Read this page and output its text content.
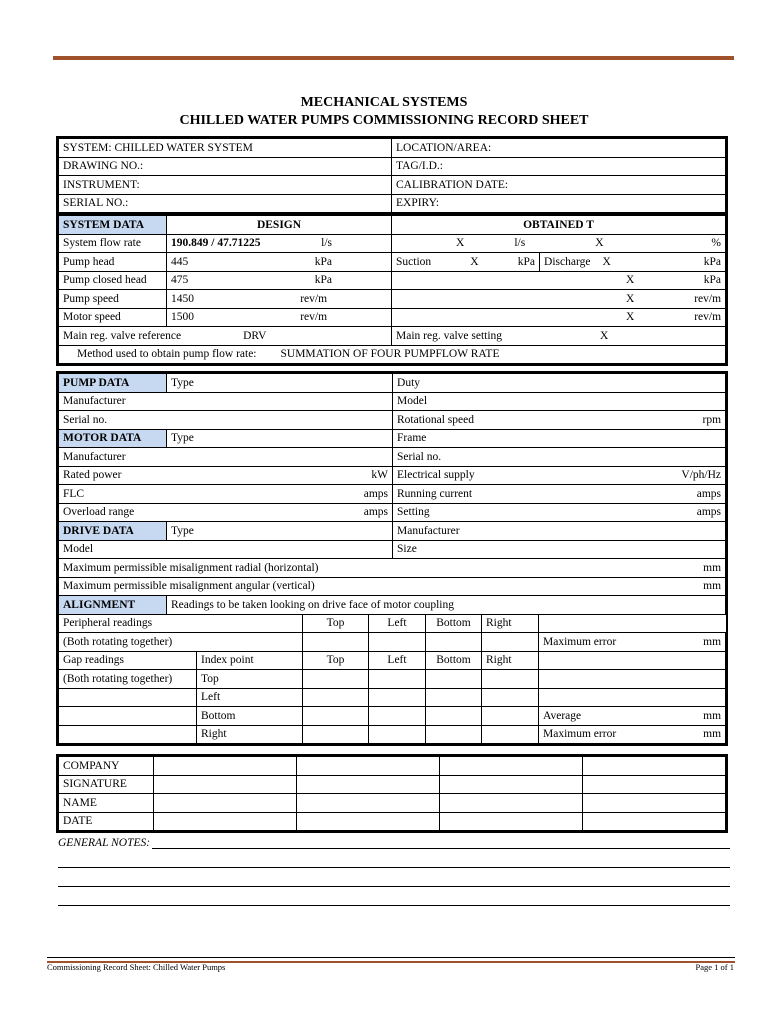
MECHANICAL SYSTEMS
CHILLED WATER PUMPS COMMISSIONING RECORD SHEET
SYSTEM: CHILLED WATER SYSTEM	LOCATION/AREA:
DRAWING NO.:	TAG/I.D.:
INSTRUMENT:	CALIBRATION DATE:
SERIAL NO.:	EXPIRY:
SYSTEM DATA	DESIGN	OBTAINED T	
System flow rate	190.849 / 47.71225 l/s	X l/s X %	

Pump head	445 kPa	Suction X kPa	Discharge X kPa

Pump closed head	475 kPa	X kPa	

Pump speed	1450 rev/m	X rev/m	

Motor speed	1500 rev/m	X rev/m	

Main reg. valve reference DRV		Main reg. valve setting X	

Method used to obtain pump flow rate: SUMMATION OF FOUR PUMPFLOW RATE			
PUMP DATA	Type				Duty			
Manufacturer					Model			
Serial no.					Rotational speed rpm			

MOTOR DATA	Type				Frame			
Manufacturer					Serial no.			

Rated power kW					Electrical supply V/ph/Hz			

FLC amps					Running current amps			

Overload range amps					Setting amps			

DRIVE DATA	Type				Manufacturer			
Model					Size			

Maximum permissible misalignment radial (horizontal) mm								

Maximum permissible misalignment angular (vertical) mm								

ALIGNMENT	Readings to be taken looking on drive face of motor coupling							
Peripheral readings			Top	Left		Bottom	Right	
(Both rotating together)								Maximum error mm

Gap readings		Index point	Top	Left		Bottom	Right	
(Both rotating together)		Top						
		Left						
		Bottom						Average mm

		Right						Maximum error mm
COMPANY				
SIGNATURE				
NAME				
DATE				
GENERAL NOTES:
Commissioning Record Sheet: Chilled Water Pumps	Page 1 of 1
